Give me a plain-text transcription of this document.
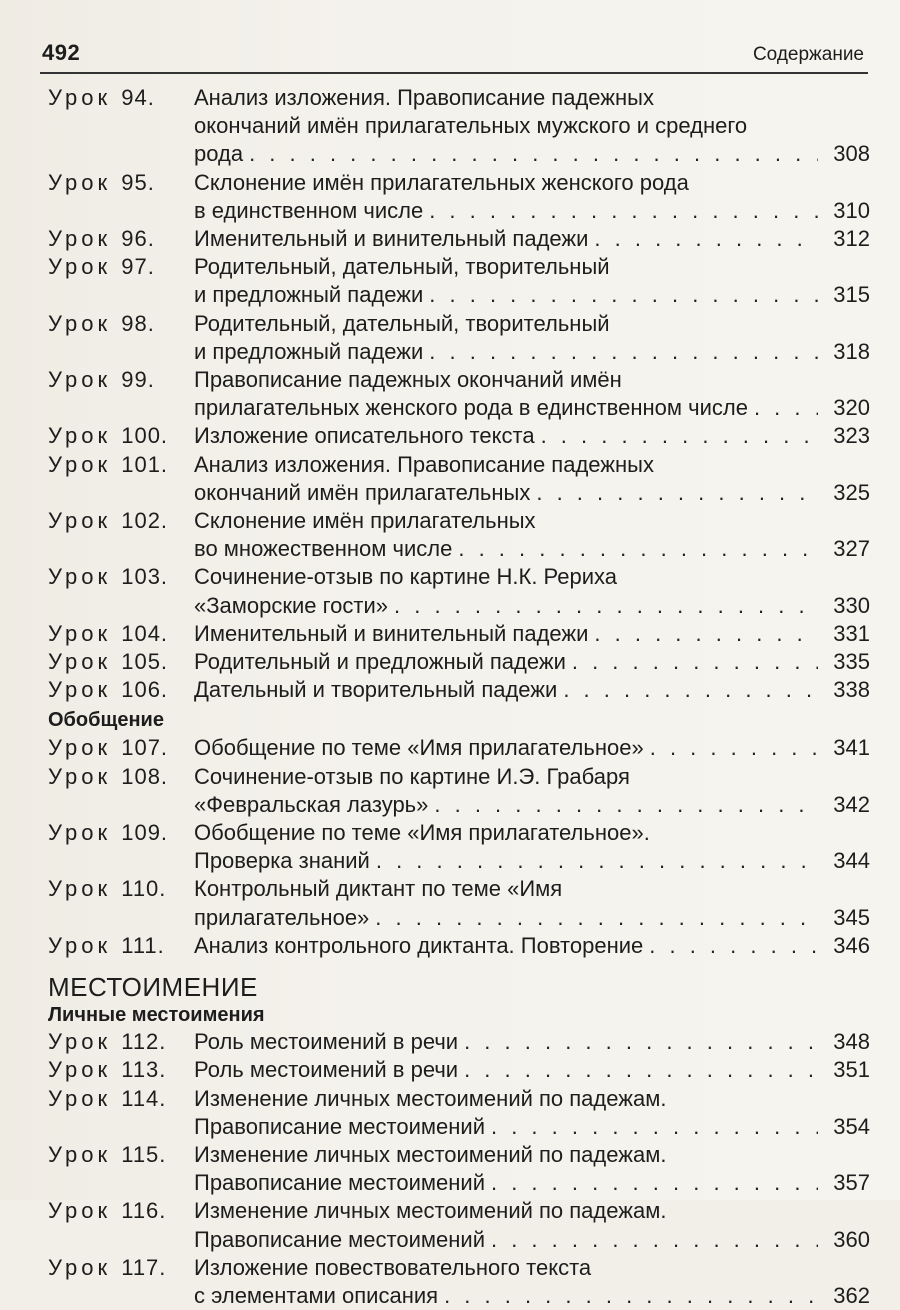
492	Содержание
Урок 94.	Анализ изложения. Правописание падежных
окончаний имён прилагательных мужского и среднего
рода . . .	308
Урок 95.	Склонение имён прилагательных женского рода
в единственном числе . . .	310
Урок 96.	Именительный и винительный падежи . . .	312
Урок 97.	Родительный, дательный, творительный
и предложный падежи . . .	315
Урок 98.	Родительный, дательный, творительный
и предложный падежи . . .	318
Урок 99.	Правописание падежных окончаний имён
прилагательных женского рода в единственном числе . . .	320
Урок 100.	Изложение описательного текста . . .	323
Урок 101.	Анализ изложения. Правописание падежных
окончаний имён прилагательных . . .	325
Урок 102.	Склонение имён прилагательных
во множественном числе . . .	327
Урок 103.	Сочинение-отзыв по картине Н.К. Рериха
«Заморские гости» . . .	330
Урок 104.	Именительный и винительный падежи . . .	331
Урок 105.	Родительный и предложный падежи . . .	335
Урок 106.	Дательный и творительный падежи . . .	338
Обобщение
Урок 107.	Обобщение по теме «Имя прилагательное» . . .	341
Урок 108.	Сочинение-отзыв по картине И.Э. Грабаря
«Февральская лазурь» . . .	342
Урок 109.	Обобщение по теме «Имя прилагательное».
Проверка знаний . . .	344
Урок 110.	Контрольный диктант по теме «Имя
прилагательное» . . .	345
Урок 111.	Анализ контрольного диктанта. Повторение . . .	346
МЕСТОИМЕНИЕ
Личные местоимения
Урок 112.	Роль местоимений в речи . . .	348
Урок 113.	Роль местоимений в речи . . .	351
Урок 114.	Изменение личных местоимений по падежам.
Правописание местоимений . . .	354
Урок 115.	Изменение личных местоимений по падежам.
Правописание местоимений . . .	357
Урок 116.	Изменение личных местоимений по падежам.
Правописание местоимений . . .	360
Урок 117.	Изложение повествовательного текста
с элементами описания . . .	362
